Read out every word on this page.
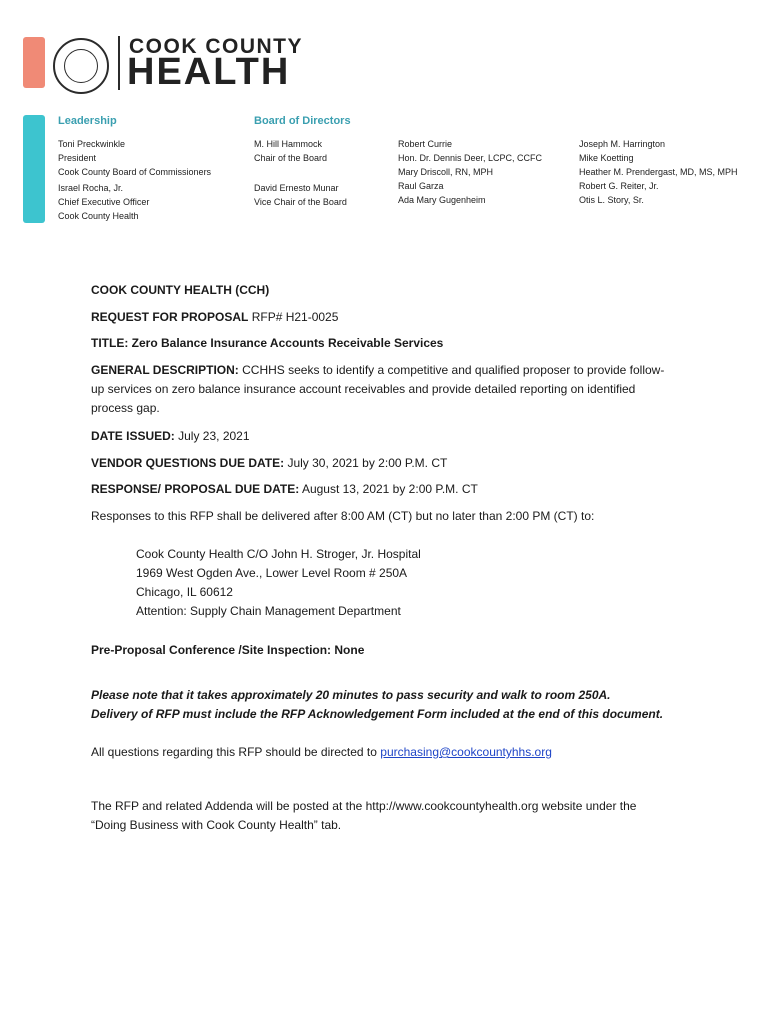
COOK COUNTY
HEALTH
Leadership
Toni Preckwinkle
President
Cook County Board of Commissioners
Israel Rocha, Jr.
Chief Executive Officer
Cook County Health
Board of Directors
M. Hill Hammock
Chair of the Board
David Ernesto Munar
Vice Chair of the Board
Robert Currie
Hon. Dr. Dennis Deer, LCPC, CCFC
Mary Driscoll, RN, MPH
Raul Garza
Ada Mary Gugenheim
Joseph M. Harrington
Mike Koetting
Heather M. Prendergast, MD, MS, MPH
Robert G. Reiter, Jr.
Otis L. Story, Sr.
COOK COUNTY HEALTH (CCH)
REQUEST FOR PROPOSAL RFP# H21-0025
TITLE: Zero Balance Insurance Accounts Receivable Services
GENERAL DESCRIPTION: CCHHS seeks to identify a competitive and qualified proposer to provide follow-
up services on zero balance insurance account receivables and provide detailed reporting on identified
process gap.
DATE ISSUED: July 23, 2021
VENDOR QUESTIONS DUE DATE: July 30, 2021 by 2:00 P.M. CT
RESPONSE/ PROPOSAL DUE DATE: August 13, 2021 by 2:00 P.M. CT
Responses to this RFP shall be delivered after 8:00 AM (CT) but no later than 2:00 PM (CT) to:
Cook County Health C/O John H. Stroger, Jr. Hospital
1969 West Ogden Ave., Lower Level Room # 250A
Chicago, IL 60612
Attention: Supply Chain Management Department
Pre-Proposal Conference /Site Inspection: None
Please note that it takes approximately 20 minutes to pass security and walk to room 250A.
Delivery of RFP must include the RFP Acknowledgement Form included at the end of this document.
All questions regarding this RFP should be directed to purchasing@cookcountyhhs.org
The RFP and related Addenda will be posted at the http://www.cookcountyhealth.org website under the
“Doing Business with Cook County Health” tab.
